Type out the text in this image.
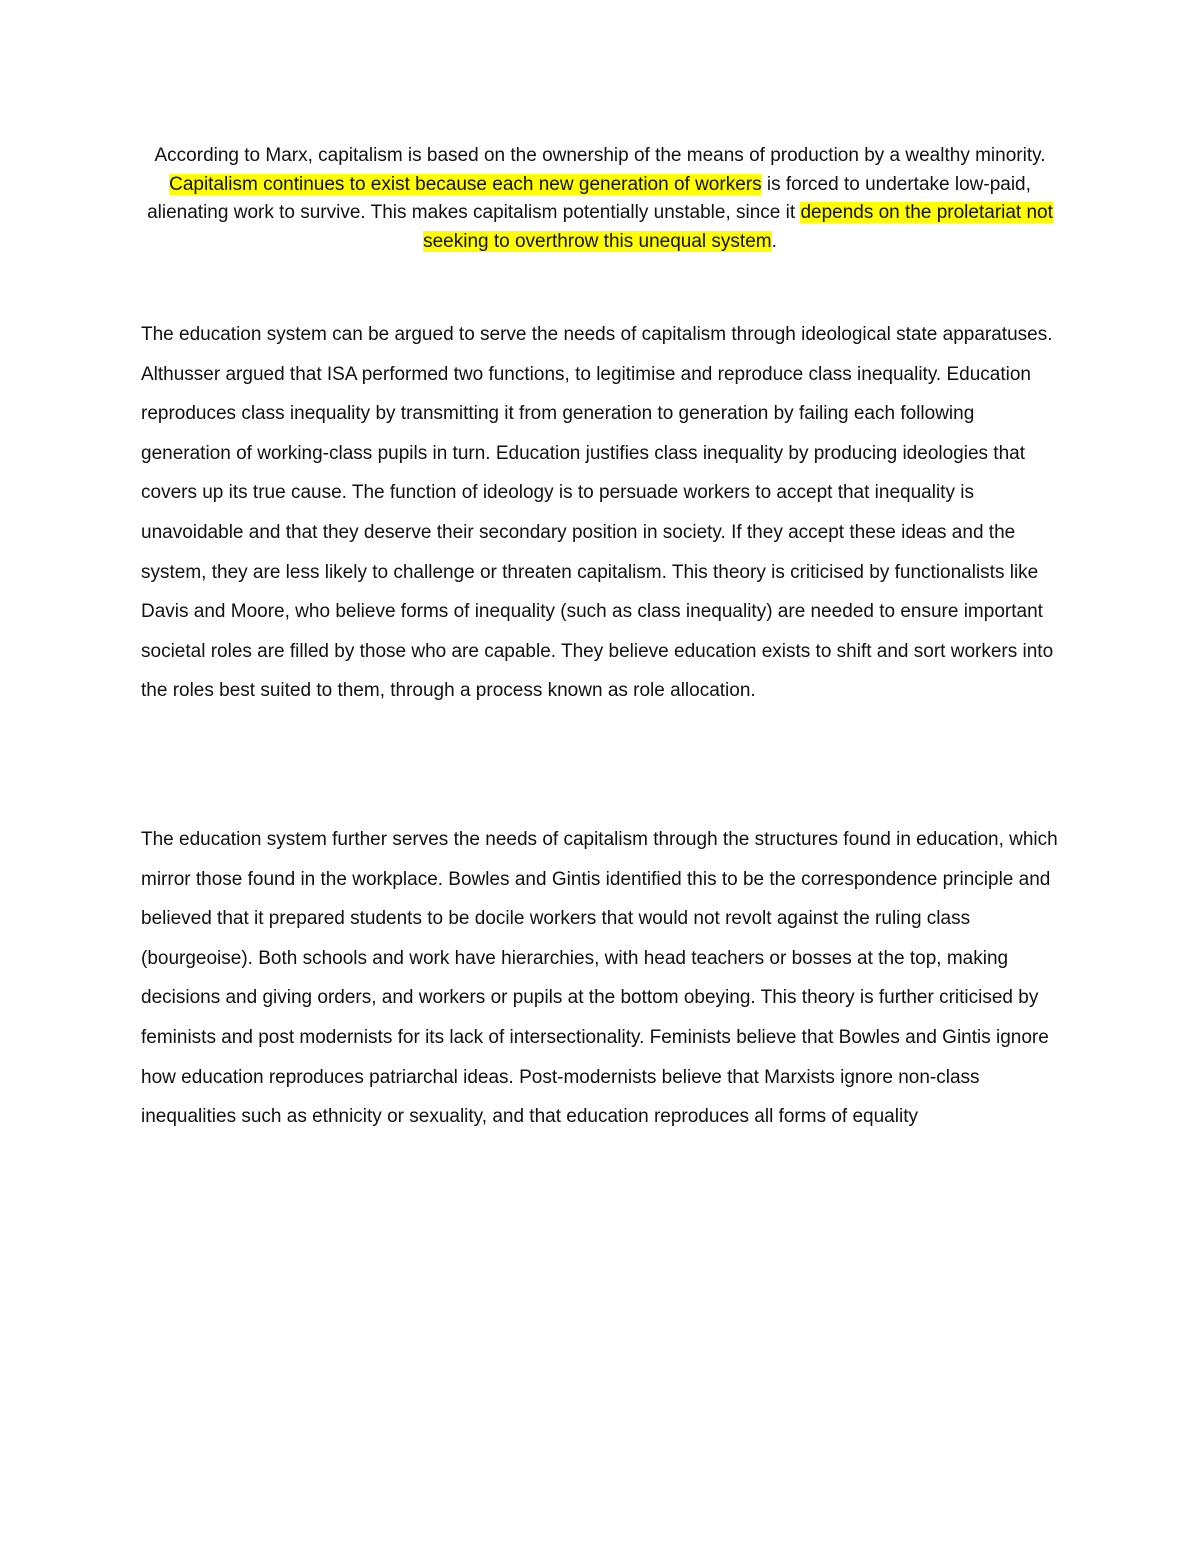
According to Marx, capitalism is based on the ownership of the means of production by a wealthy minority. Capitalism continues to exist because each new generation of workers is forced to undertake low-paid, alienating work to survive. This makes capitalism potentially unstable, since it depends on the proletariat not seeking to overthrow this unequal system.

The education system can be argued to serve the needs of capitalism through ideological state apparatuses. Althusser argued that ISA performed two functions, to legitimise and reproduce class inequality. Education reproduces class inequality by transmitting it from generation to generation by failing each following generation of working-class pupils in turn. Education justifies class inequality by producing ideologies that covers up its true cause. The function of ideology is to persuade workers to accept that inequality is unavoidable and that they deserve their secondary position in society. If they accept these ideas and the system, they are less likely to challenge or threaten capitalism. This theory is criticised by functionalists like Davis and Moore, who believe forms of inequality (such as class inequality) are needed to ensure important societal roles are filled by those who are capable. They believe education exists to shift and sort workers into the roles best suited to them, through a process known as role allocation.

The education system further serves the needs of capitalism through the structures found in education, which mirror those found in the workplace. Bowles and Gintis identified this to be the correspondence principle and believed that it prepared students to be docile workers that would not revolt against the ruling class (bourgeoise). Both schools and work have hierarchies, with head teachers or bosses at the top, making decisions and giving orders, and workers or pupils at the bottom obeying. This theory is further criticised by feminists and post modernists for its lack of intersectionality. Feminists believe that Bowles and Gintis ignore how education reproduces patriarchal ideas. Post-modernists believe that Marxists ignore non-class inequalities such as ethnicity or sexuality, and that education reproduces all forms of equality
